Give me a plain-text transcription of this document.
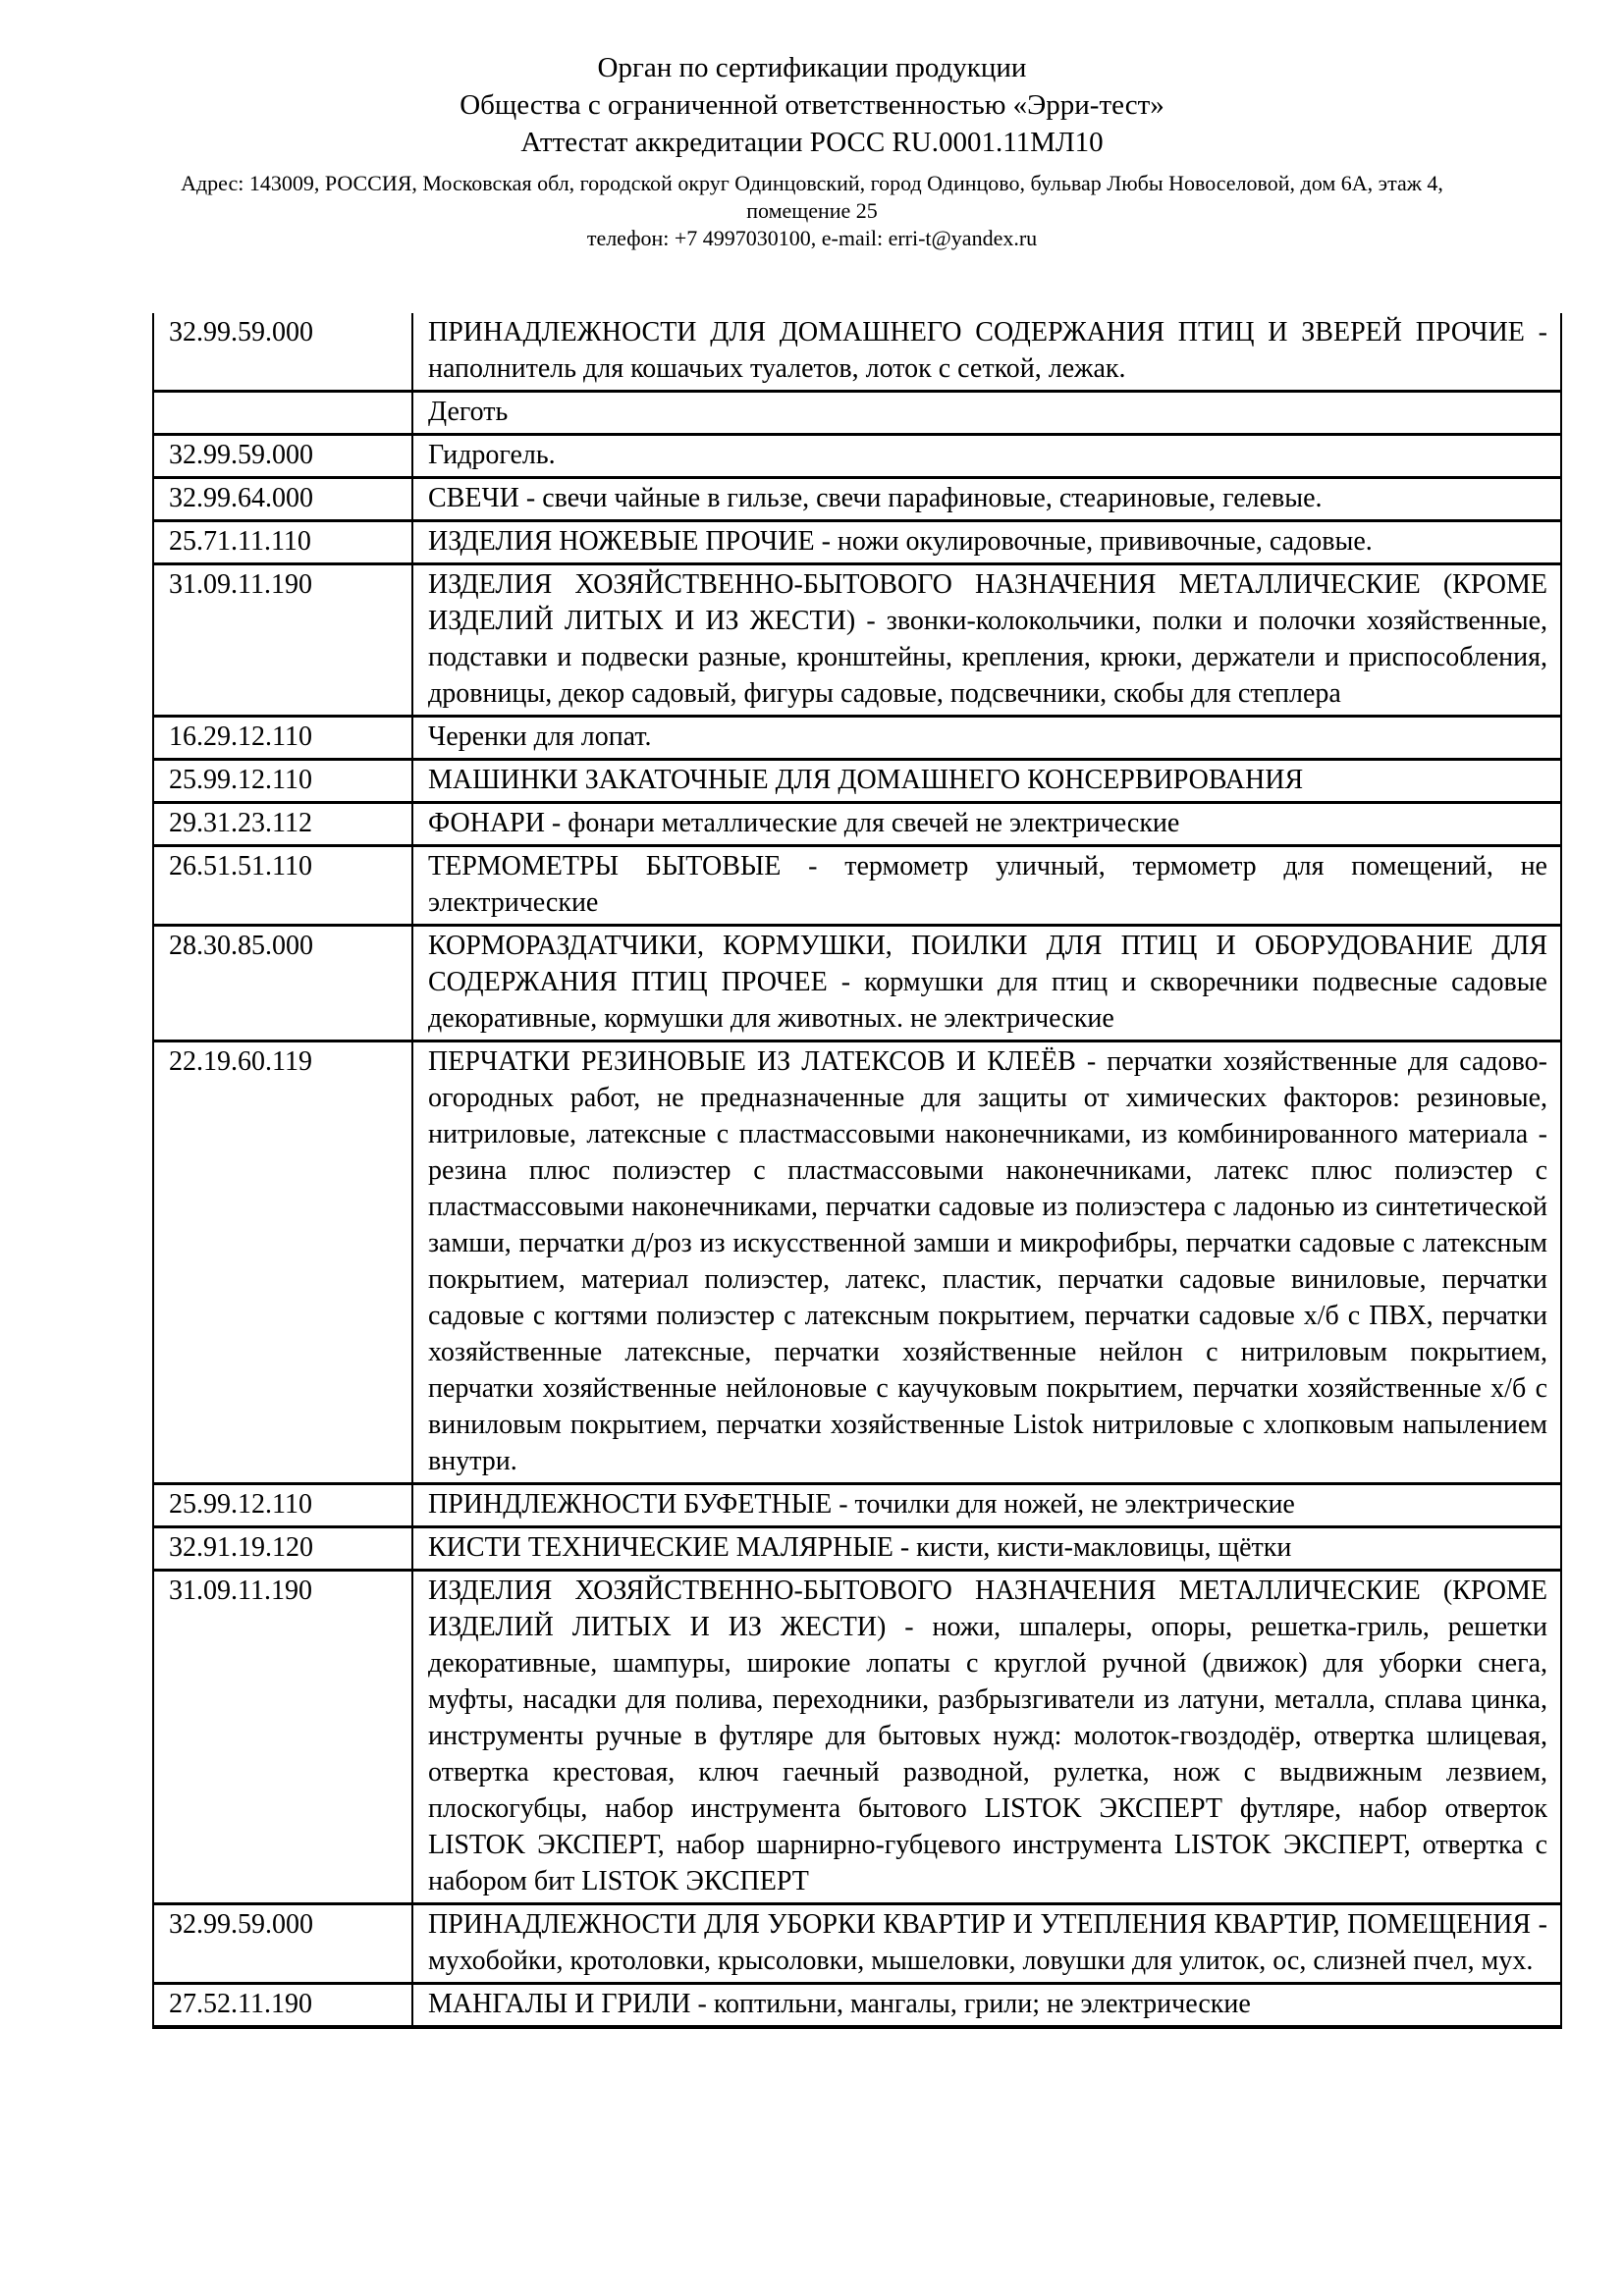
Орган по сертификации продукции
Общества с ограниченной ответственностью «Эрри-тест»
Аттестат аккредитации РОСС RU.0001.11МЛ10
Адрес: 143009, РОССИЯ, Московская обл, городской округ Одинцовский, город Одинцово, бульвар Любы Новоселовой, дом 6А, этаж 4,
помещение 25
телефон: +7 4997030100, e-mail: erri-t@yandex.ru
32.99.59.000	ПРИНАДЛЕЖНОСТИ ДЛЯ ДОМАШНЕГО СОДЕРЖАНИЯ ПТИЦ И ЗВЕРЕЙ ПРОЧИЕ - наполнитель для кошачьих туалетов, лоток с сеткой, лежак.
	Деготь
32.99.59.000	Гидрогель.
32.99.64.000	СВЕЧИ - свечи чайные в гильзе, свечи парафиновые, стеариновые, гелевые.
25.71.11.110	ИЗДЕЛИЯ НОЖЕВЫЕ ПРОЧИЕ - ножи окулировочные, прививочные, садовые.
31.09.11.190	ИЗДЕЛИЯ ХОЗЯЙСТВЕННО-БЫТОВОГО НАЗНАЧЕНИЯ МЕТАЛЛИЧЕСКИЕ (КРОМЕ ИЗДЕЛИЙ ЛИТЫХ И ИЗ ЖЕСТИ) - звонки-колокольчики, полки и полочки хозяйственные, подставки и подвески разные, кронштейны, крепления, крюки, держатели и приспособления, дровницы, декор садовый, фигуры садовые, подсвечники, скобы для степлера
16.29.12.110	Черенки для лопат.
25.99.12.110	МАШИНКИ ЗАКАТОЧНЫЕ ДЛЯ ДОМАШНЕГО КОНСЕРВИРОВАНИЯ
29.31.23.112	ФОНАРИ - фонари металлические для свечей не электрические
26.51.51.110	ТЕРМОМЕТРЫ БЫТОВЫЕ - термометр уличный, термометр для помещений, не электрические
28.30.85.000	КОРМОРАЗДАТЧИКИ, КОРМУШКИ, ПОИЛКИ ДЛЯ ПТИЦ И ОБОРУДОВАНИЕ ДЛЯ СОДЕРЖАНИЯ ПТИЦ ПРОЧЕЕ - кормушки для птиц и скворечники подвесные садовые декоративные, кормушки для животных. не электрические
22.19.60.119	ПЕРЧАТКИ РЕЗИНОВЫЕ ИЗ ЛАТЕКСОВ И КЛЕЁВ - перчатки хозяйственные для садово-огородных работ, не предназначенные для защиты от химических факторов: резиновые, нитриловые, латексные с пластмассовыми наконечниками, из комбинированного материала - резина плюс полиэстер с пластмассовыми наконечниками, латекс плюс полиэстер с пластмассовыми наконечниками, перчатки садовые из полиэстера с ладонью из синтетической замши, перчатки д/роз из искусственной замши и микрофибры, перчатки садовые с латексным покрытием, материал полиэстер, латекс, пластик, перчатки садовые виниловые, перчатки садовые с когтями полиэстер с латексным покрытием, перчатки садовые х/б с ПВХ, перчатки хозяйственные латексные, перчатки хозяйственные нейлон с нитриловым покрытием, перчатки хозяйственные нейлоновые с каучуковым покрытием, перчатки хозяйственные х/б с виниловым покрытием, перчатки хозяйственные Listok нитриловые с хлопковым напылением внутри.
25.99.12.110	ПРИНДЛЕЖНОСТИ БУФЕТНЫЕ - точилки для ножей, не электрические
32.91.19.120	КИСТИ ТЕХНИЧЕСКИЕ МАЛЯРНЫЕ - кисти, кисти-макловицы, щётки
31.09.11.190	ИЗДЕЛИЯ ХОЗЯЙСТВЕННО-БЫТОВОГО НАЗНАЧЕНИЯ МЕТАЛЛИЧЕСКИЕ (КРОМЕ ИЗДЕЛИЙ ЛИТЫХ И ИЗ ЖЕСТИ) - ножи, шпалеры, опоры, решетка-гриль, решетки декоративные, шампуры, широкие лопаты с круглой ручной (движок) для уборки снега, муфты, насадки для полива, переходники, разбрызгиватели из латуни, металла, сплава цинка, инструменты ручные в футляре для бытовых нужд: молоток-гвоздодёр, отвертка шлицевая, отвертка крестовая, ключ гаечный разводной, рулетка, нож с выдвижным лезвием, плоскогубцы, набор инструмента бытового LISTOK ЭКСПЕРТ футляре, набор отверток LISTOK ЭКСПЕРТ, набор шарнирно-губцевого инструмента LISTOK ЭКСПЕРТ, отвертка с набором бит LISTOK ЭКСПЕРТ
32.99.59.000	ПРИНАДЛЕЖНОСТИ ДЛЯ УБОРКИ КВАРТИР И УТЕПЛЕНИЯ КВАРТИР, ПОМЕЩЕНИЯ - мухобойки, кротоловки, крысоловки, мышеловки, ловушки для улиток, ос, слизней пчел, мух.
27.52.11.190	МАНГАЛЫ И ГРИЛИ - коптильни, мангалы, грили; не электрические
